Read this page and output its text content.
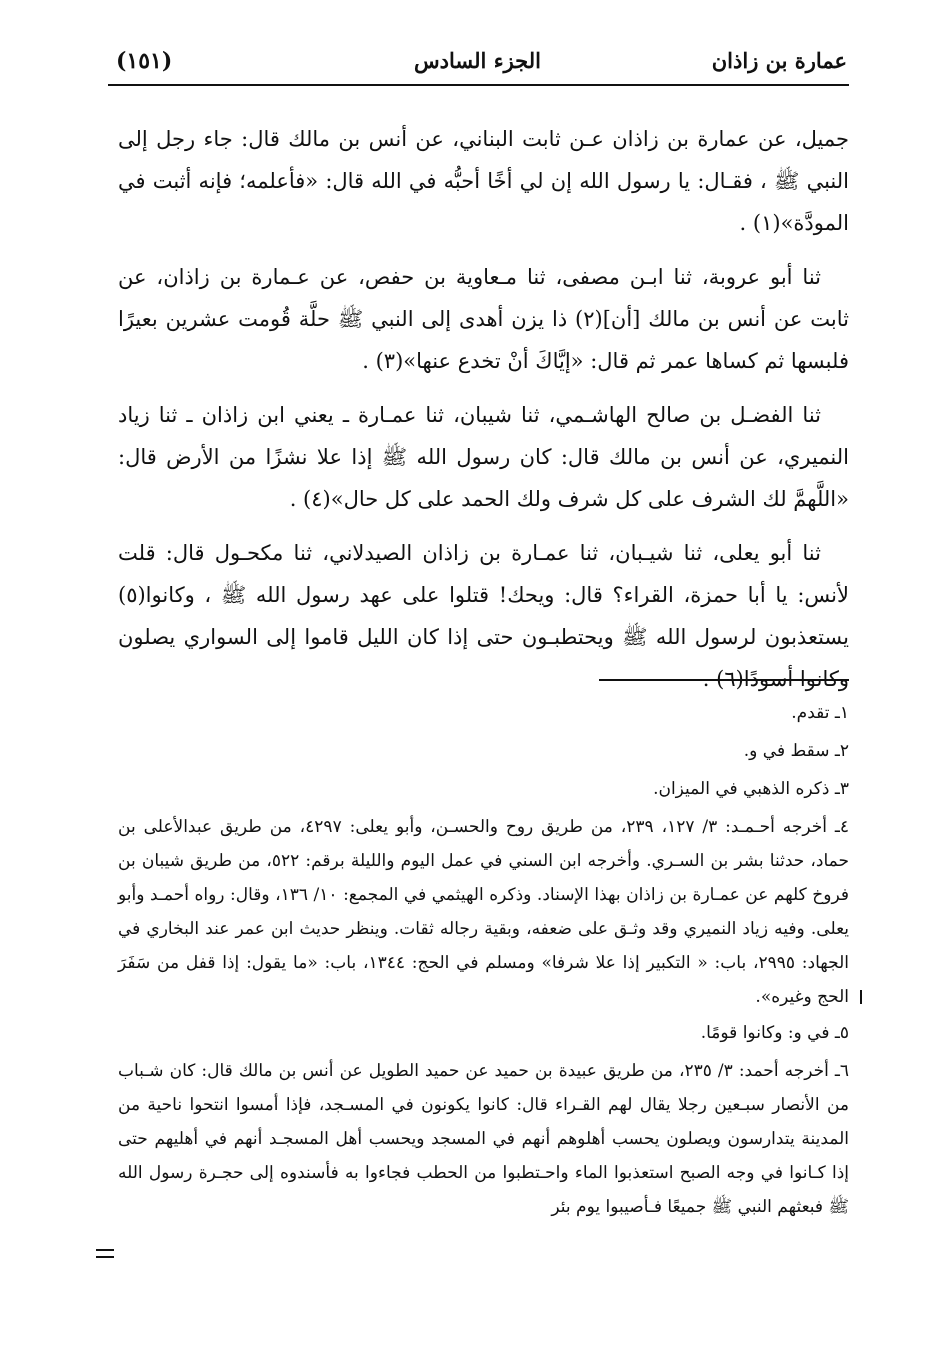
عمارة بن زاذان
الجزء السادس
(١٥١)

جميل، عن عمارة بن زاذان عـن ثابت البناني، عن أنس بن مالك قال: جاء رجل إلى النبي ﷺ ، فقـال: يا رسول الله إن لي أخًا أحبُّه في الله قال: «فأعلمه؛ فإنه أثبت في المودَّة»(١) .

ثنا أبو عروبة، ثنا ابـن مصفى، ثنا مـعاوية بن حفص، عن عـمارة بن زاذان، عن ثابت عن أنس بن مالك [أن](٢) ذا يزن أهدى إلى النبي ﷺ حلَّة قُومت عشرين بعيرًا فلبسها ثم كساها عمر ثم قال: «إيَّاكَ أنْ تخدع عنها»(٣) .

ثنا الفضـل بن صالح الهاشـمي، ثنا شيبان، ثنا عمـارة ـ يعني ابن زاذان ـ ثنا زياد النميري، عن أنس بن مالك قال: كان رسول الله ﷺ إذا علا نشزًا من الأرض قال: «اللَّهمَّ لك الشرف على كل شرف ولك الحمد على كل حال»(٤) .

ثنا أبو يعلى، ثنا شيـبان، ثنا عمـارة بن زاذان الصيدلاني، ثنا مكحـول قال: قلت لأنس: يا أبا حمزة، القراء؟ قال: ويحك! قتلوا على عهد رسول الله ﷺ ، وكانوا(٥) يستعذبون لرسول الله ﷺ ويحتطبـون حتى إذا كان الليل قاموا إلى السواري يصلون وكانوا أسودًا(٦) .

١ـ تقدم.
٢ـ سقط في و.
٣ـ ذكره الذهبي في الميزان.
٤ـ أخرجه أحـمـد: ٣/ ١٢٧، ٢٣٩، من طريق روح والحسـن، وأبو يعلى: ٤٢٩٧، من طريق عبدالأعلى بن حماد، حدثنا بشر بن السـري. وأخرجه ابن السني في عمل اليوم والليلة برقم: ٥٢٢، من طريق شيبان بن فروخ كلهم عن عمـارة بن زاذان بهذا الإسناد. وذكره الهيثمي في المجمع: ١٠/ ١٣٦، وقال: رواه أحمـد وأبو يعلى. وفيه زياد النميري وقد وثـق على ضعفه، وبقية رجاله ثقات. وينظر حديث ابن عمر عند البخاري في الجهاد: ٢٩٩٥، باب: « التكبير إذا علا شرفا» ومسلم في الحج: ١٣٤٤، باب: «ما يقول: إذا قفل من سَفَرَ الحج وغيره».
٥ـ في و: وكانوا قومًا.
٦ـ أخرجه أحمد: ٣/ ٢٣٥، من طريق عبيدة بن حميد عن حميد الطويل عن أنس بن مالك قال: كان شـباب من الأنصار سبـعين رجلا يقال لهم القـراء قال: كانوا يكونون في المسـجد، فإذا أمسوا انتحوا ناحية من المدينة يتدارسون ويصلون يحسب أهلوهم أنهم في المسجد ويحسب أهل المسجـد أنهم في أهليهم حتى إذا كـانوا في وجه الصبح استعذبوا الماء واحـتطبوا من الحطب فجاءوا به فأسندوه إلى حجـرة رسول الله ﷺ فبعثهم النبي ﷺ جميعًا فـأصيبوا يوم بئر
